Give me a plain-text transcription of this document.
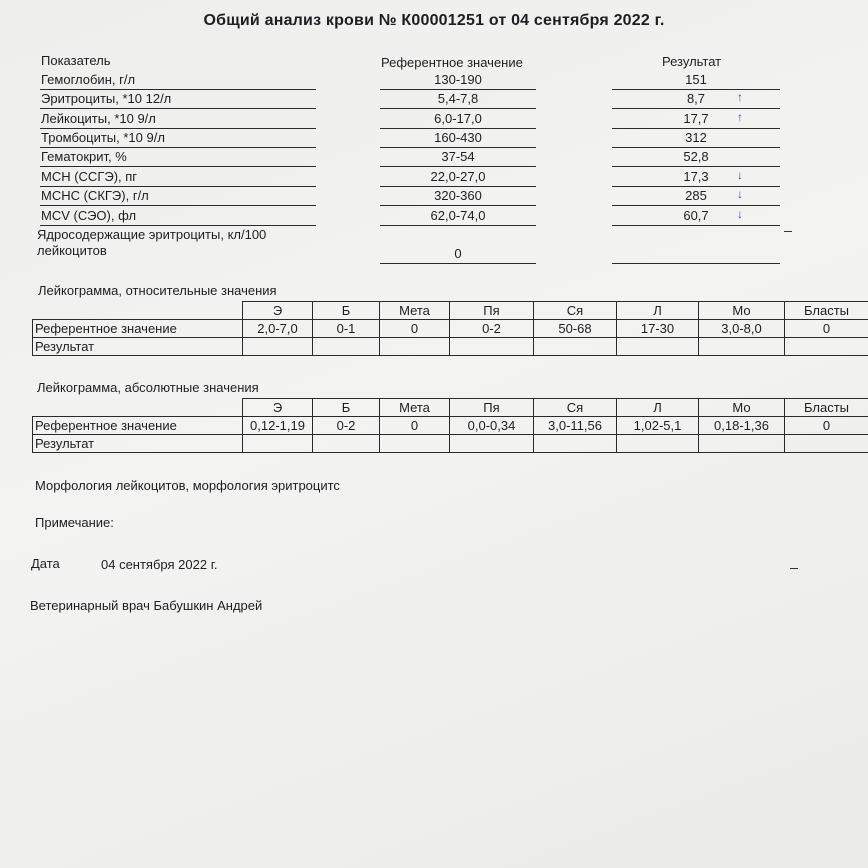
Общий анализ крови № К00001251 от 04 сентября 2022 г.
Показатель	Референтное значение	Результат
Гемоглобин, г/л	130-190	151
Эритроциты, *10 12/л	5,4-7,8	8,7	↑
Лейкоциты, *10 9/л	6,0-17,0	17,7	↑
Тромбоциты, *10 9/л	160-430	312
Гематокрит, %	37-54	52,8
МСН (ССГЭ), пг	22,0-27,0	17,3	↓
МСНС (СКГЭ), г/л	320-360	285	↓
MCV (СЭО), фл	62,0-74,0	60,7	↓
Ядросодержащие эритроциты, кл/100
лейкоцитов	0
Лейкограмма, относительные значения
	Э	Б	Мета	Пя	Ся	Л	Мо	Бласты
Референтное значение	2,0-7,0	0-1	0	0-2	50-68	17-30	3,0-8,0	0
Результат								
Лейкограмма, абсолютные значения
	Э	Б	Мета	Пя	Ся	Л	Мо	Бласты
Референтное значение	0,12-1,19	0-2	0	0,0-0,34	3,0-11,56	1,02-5,1	0,18-1,36	0
Результат								
Морфология лейкоцитов, морфология эритроцитс
Примечание:
Дата	04 сентября 2022 г.
Ветеринарный врач Бабушкин Андрей
